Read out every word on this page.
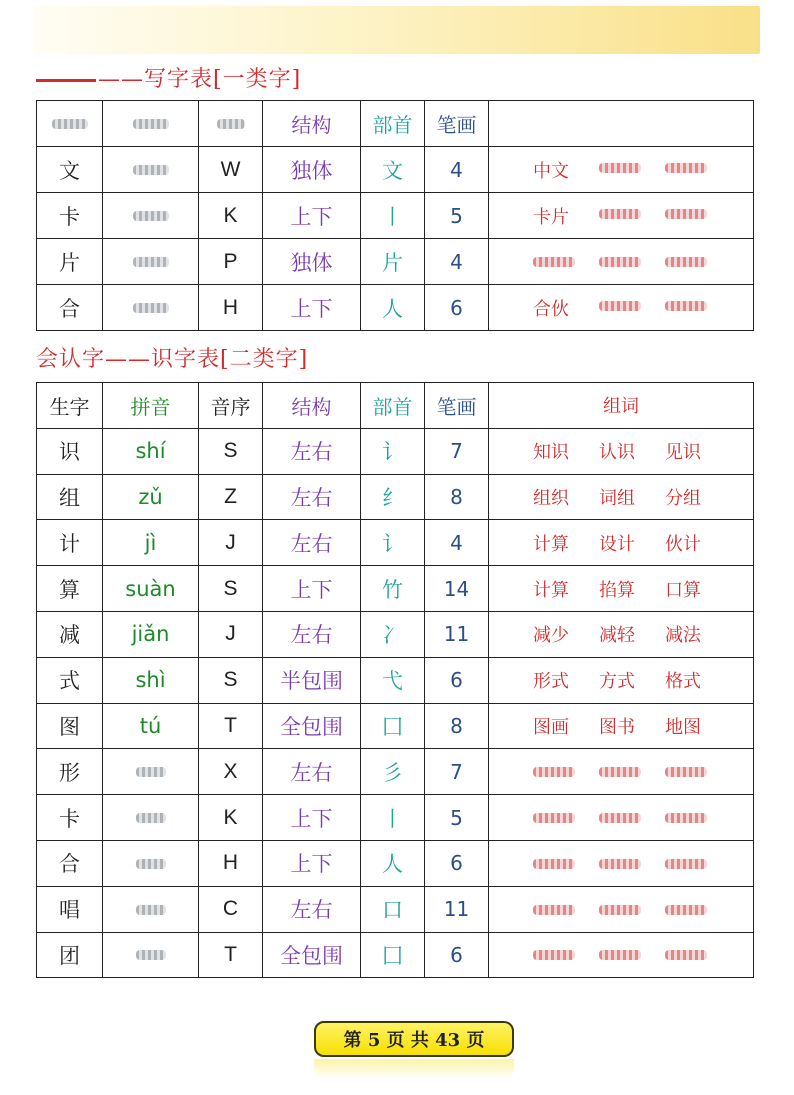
——写字表[一类字]
			结构	部首	笔画	
文		W	独体	文	4	中文

卡		K	上下	丨	5	卡片

片		P	独体	片	4	

合		H	上下	人	6	合伙
会认字——识字表[二类字]
生字	拼音	音序	结构	部首	笔画	组词
识	shí	S	左右	讠	7	知识 认识 见识

组	zǔ	Z	左右	纟	8	组织 词组 分组

计	jì	J	左右	讠	4	计算 设计 伙计

算	suàn	S	上下	竹	14	计算 掐算 口算

减	jiǎn	J	左右	冫	11	减少 减轻 减法

式	shì	S	半包围	弋	6	形式 方式 格式

图	tú	T	全包围	囗	8	图画 图书 地图

形		X	左右	彡	7	

卡		K	上下	丨	5	

合		H	上下	人	6	

唱		C	左右	口	11	

团		T	全包围	囗	6	
第 5 页 共 43 页
